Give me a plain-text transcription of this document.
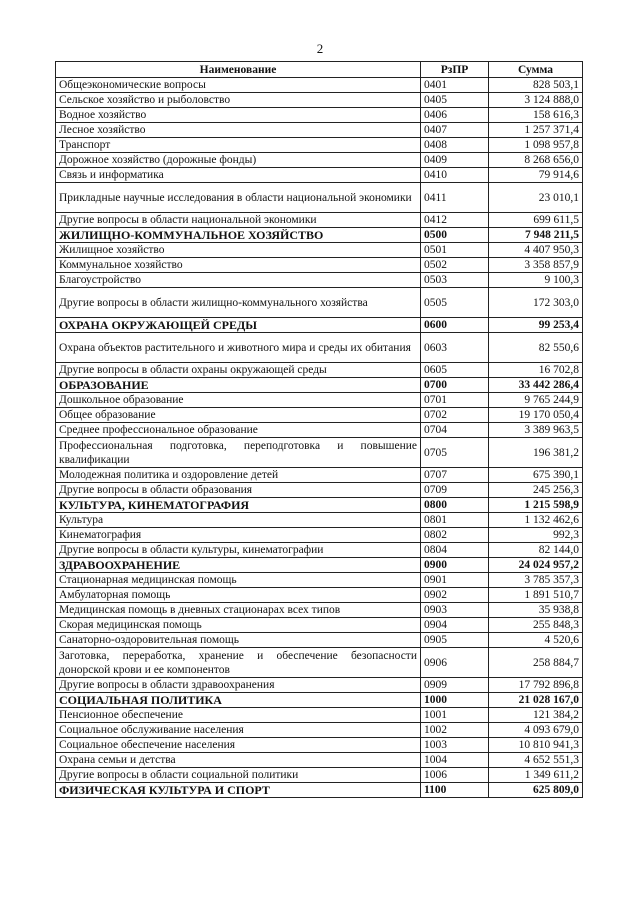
2
Наименование	РзПР	Сумма
Общеэкономические вопросы	0401	828 503,1
Сельское хозяйство и рыболовство	0405	3 124 888,0
Водное хозяйство	0406	158 616,3
Лесное хозяйство	0407	1 257 371,4
Транспорт	0408	1 098 957,8
Дорожное хозяйство (дорожные фонды)	0409	8 268 656,0
Связь и информатика	0410	79 914,6
Прикладные научные исследования в области национальной экономики	0411	23 010,1
Другие вопросы в области национальной экономики	0412	699 611,5
ЖИЛИЩНО-КОММУНАЛЬНОЕ ХОЗЯЙСТВО	0500	7 948 211,5
Жилищное хозяйство	0501	4 407 950,3
Коммунальное хозяйство	0502	3 358 857,9
Благоустройство	0503	9 100,3
Другие вопросы в области жилищно-коммунального хозяйства	0505	172 303,0
ОХРАНА ОКРУЖАЮЩЕЙ СРЕДЫ	0600	99 253,4
Охрана объектов растительного и животного мира и среды их обитания	0603	82 550,6
Другие вопросы в области охраны окружающей среды	0605	16 702,8
ОБРАЗОВАНИЕ	0700	33 442 286,4
Дошкольное образование	0701	9 765 244,9
Общее образование	0702	19 170 050,4
Среднее профессиональное образование	0704	3 389 963,5
Профессиональная подготовка, переподготовка и повышение квалификации	0705	196 381,2
Молодежная политика и оздоровление детей	0707	675 390,1
Другие вопросы в области образования	0709	245 256,3
КУЛЬТУРА, КИНЕМАТОГРАФИЯ	0800	1 215 598,9
Культура	0801	1 132 462,6
Кинематография	0802	992,3
Другие вопросы в области культуры, кинематографии	0804	82 144,0
ЗДРАВООХРАНЕНИЕ	0900	24 024 957,2
Стационарная медицинская помощь	0901	3 785 357,3
Амбулаторная помощь	0902	1 891 510,7
Медицинская помощь в дневных стационарах всех типов	0903	35 938,8
Скорая медицинская помощь	0904	255 848,3
Санаторно-оздоровительная помощь	0905	4 520,6
Заготовка, переработка, хранение и обеспечение безопасности донорской крови и ее компонентов	0906	258 884,7
Другие вопросы в области здравоохранения	0909	17 792 896,8
СОЦИАЛЬНАЯ ПОЛИТИКА	1000	21 028 167,0
Пенсионное обеспечение	1001	121 384,2
Социальное обслуживание населения	1002	4 093 679,0
Социальное обеспечение населения	1003	10 810 941,3
Охрана семьи и детства	1004	4 652 551,3
Другие вопросы в области социальной политики	1006	1 349 611,2
ФИЗИЧЕСКАЯ КУЛЬТУРА И СПОРТ	1100	625 809,0
